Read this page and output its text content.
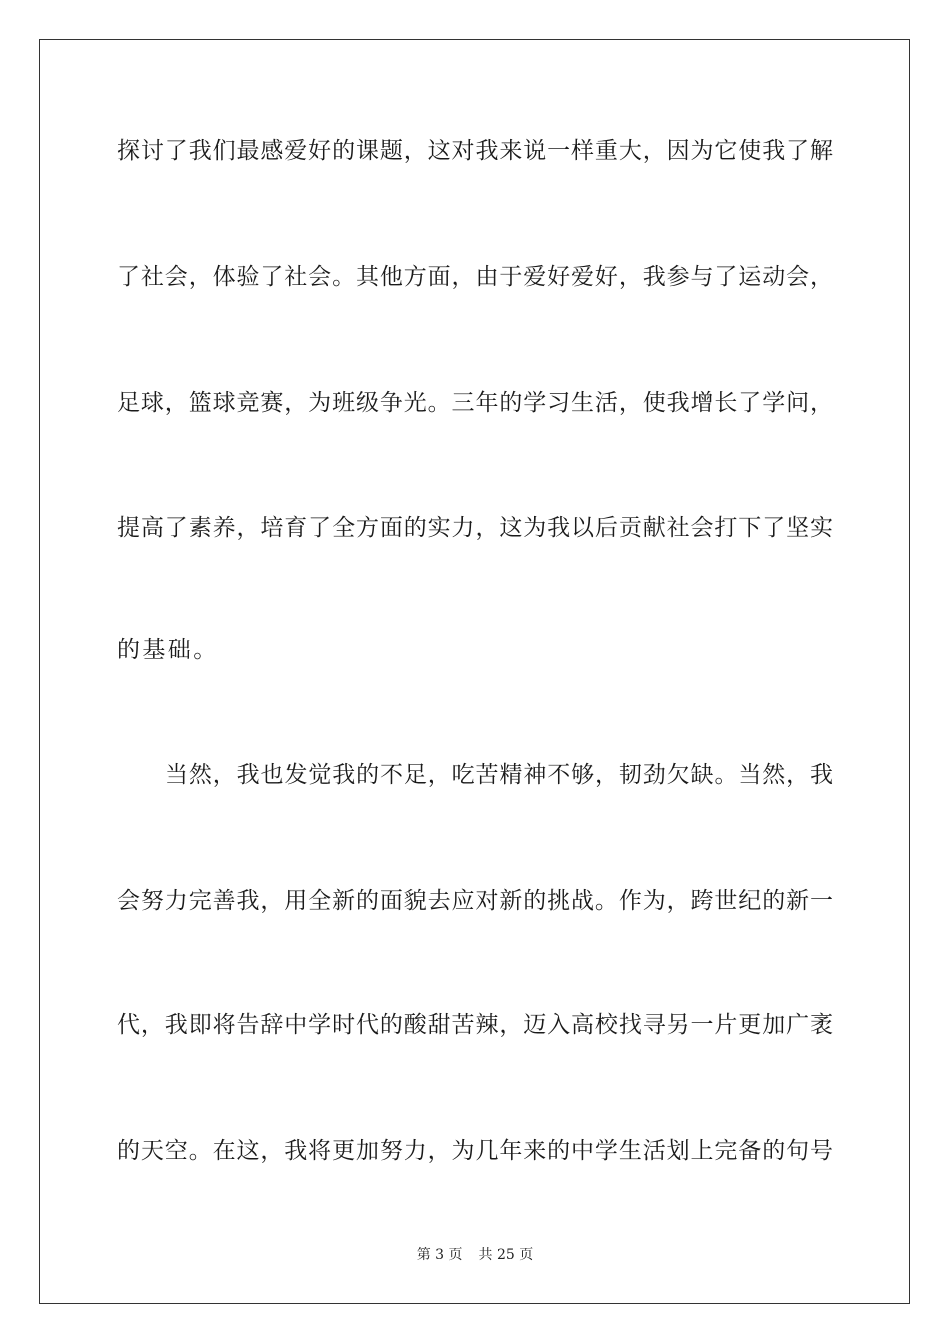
探讨了我们最感爱好的课题，这对我来说一样重大，因为它使我了解
了社会，体验了社会。其他方面，由于爱好爱好，我参与了运动会，
足球，篮球竞赛，为班级争光。三年的学习生活，使我增长了学问，
提高了素养，培育了全方面的实力，这为我以后贡献社会打下了坚实
的基础。
当然，我也发觉我的不足，吃苦精神不够，韧劲欠缺。当然，我
会努力完善我，用全新的面貌去应对新的挑战。作为，跨世纪的新一
代，我即将告辞中学时代的酸甜苦辣，迈入高校找寻另一片更加广袤
的天空。在这，我将更加努力，为几年来的中学生活划上完备的句号
第 3 页 共 25 页
